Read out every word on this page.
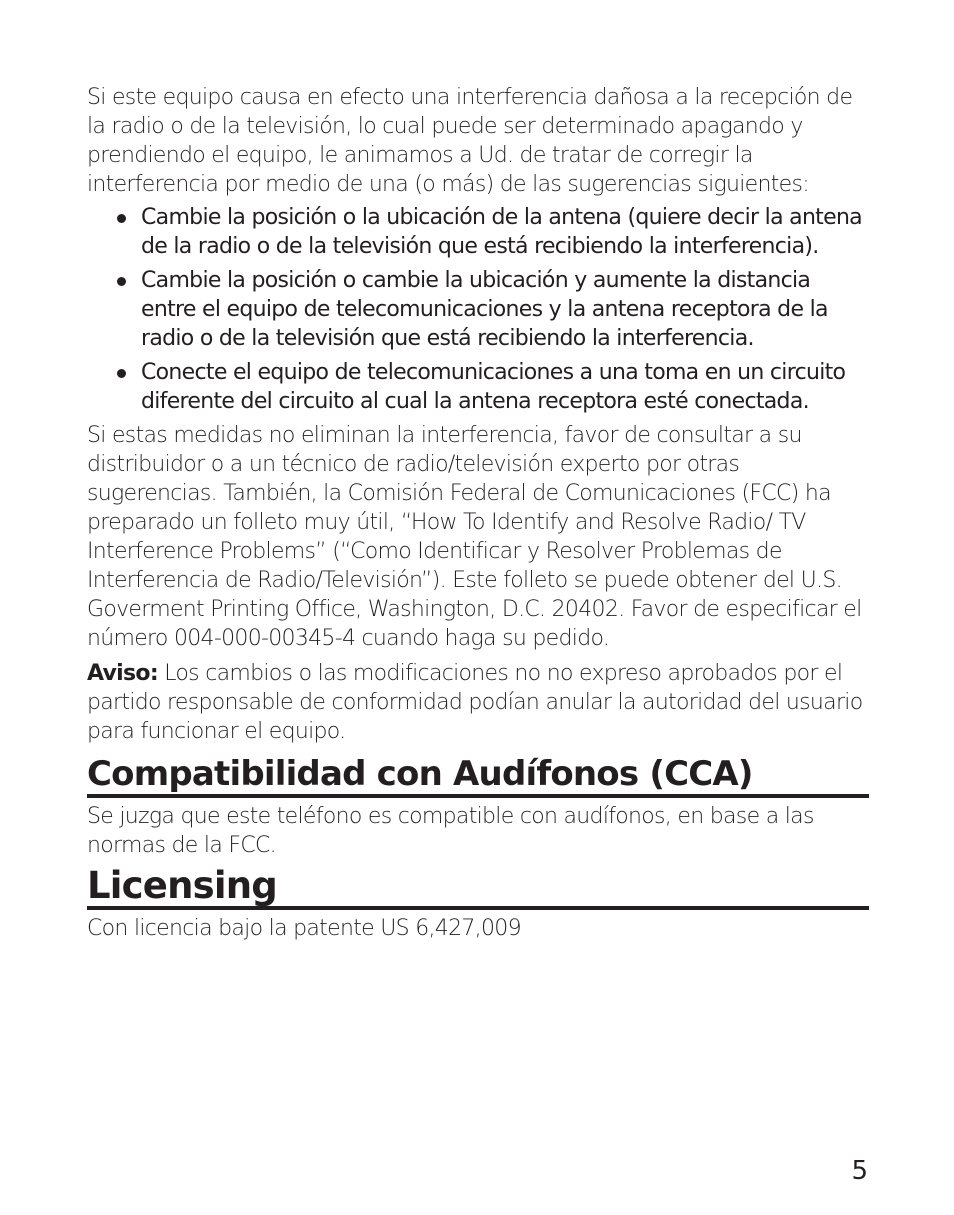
Si este equipo causa en efecto una interferencia dañosa a la recepción de la radio o de la televisión, lo cual puede ser determinado apagando y prendiendo el equipo, le animamos a Ud. de tratar de corregir la interferencia por medio de una (o más) de las sugerencias siguientes:

Cambie la posición o la ubicación de la antena (quiere decir la antena de la radio o de la televisión que está recibiendo la interferencia).
Cambie la posición o cambie la ubicación y aumente la distancia entre el equipo de telecomunicaciones y la antena receptora de la radio o de la televisión que está recibiendo la interferencia.
Conecte el equipo de telecomunicaciones a una toma en un circuito diferente del circuito al cual la antena receptora esté conectada.

Si estas medidas no eliminan la interferencia, favor de consultar a su distribuidor o a un técnico de radio/televisión experto por otras sugerencias. También, la Comisión Federal de Comunicaciones (FCC) ha preparado un folleto muy útil, “How To Identify and Resolve Radio/ TV Interference Problems” (“Como Identificar y Resolver Problemas de Interferencia de Radio/Televisión”). Este folleto se puede obtener del U.S. Goverment Printing Office, Washington, D.C. 20402. Favor de especificar el número 004-000-00345-4 cuando haga su pedido.

Aviso: Los cambios o las modificaciones no no expreso aprobados por el partido responsable de conformidad podían anular la autoridad del usuario para funcionar el equipo.

Compatibilidad con Audífonos (CCA)

Se juzga que este teléfono es compatible con audífonos, en base a las normas de la FCC.

Licensing

Con licencia bajo la patente US 6,427,009

5
